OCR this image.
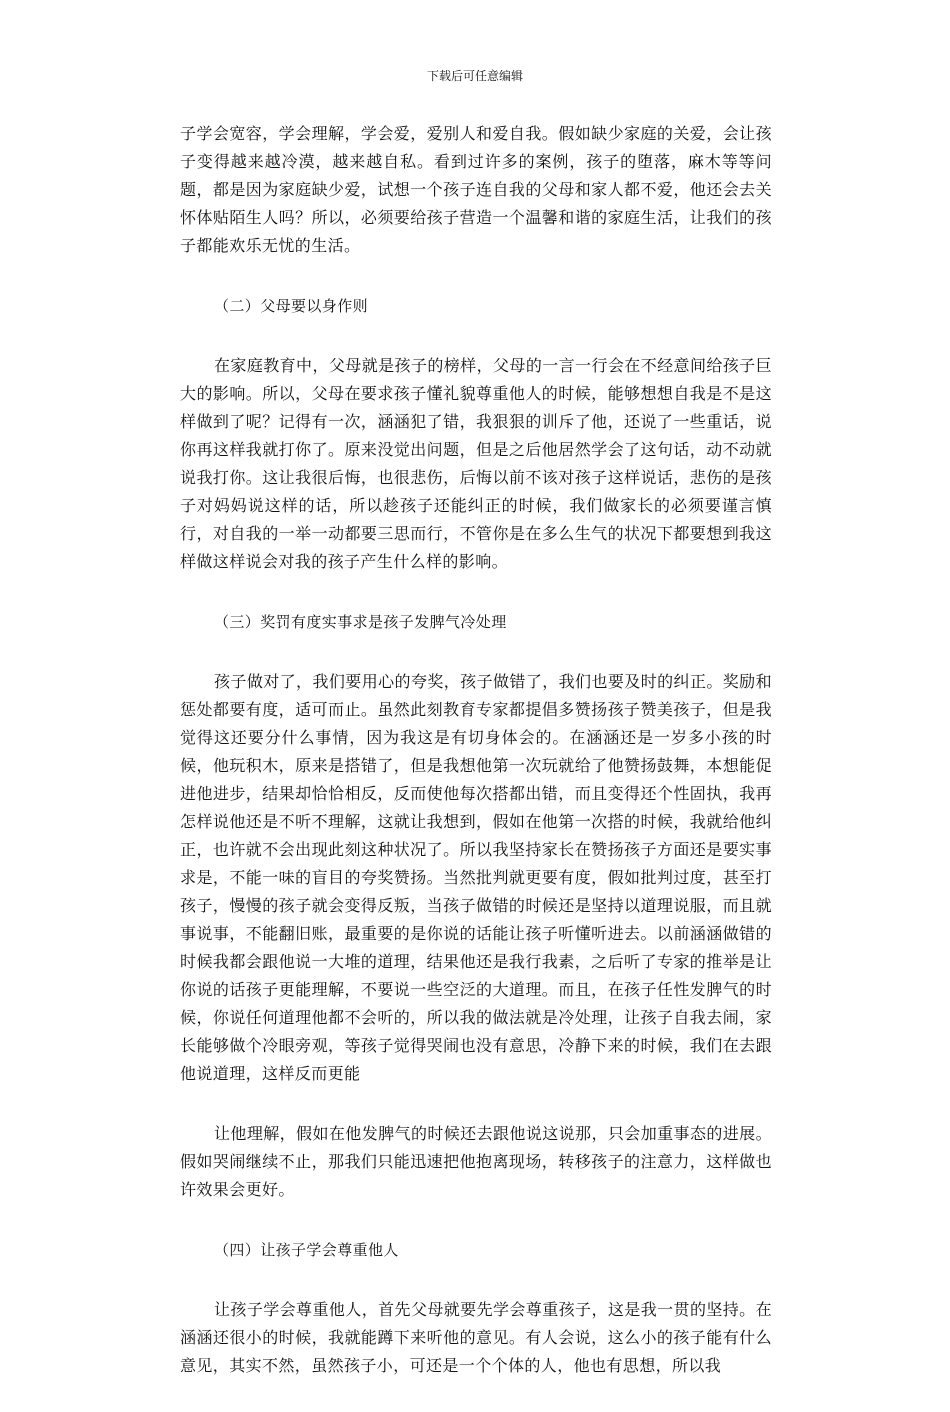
下载后可任意编辑

子学会宽容，学会理解，学会爱，爱别人和爱自我。假如缺少家庭的关爱，会让孩子变得越来越冷漠，越来越自私。看到过许多的案例，孩子的堕落，麻木等等问题，都是因为家庭缺少爱，试想一个孩子连自我的父母和家人都不爱，他还会去关怀体贴陌生人吗？所以，必须要给孩子营造一个温馨和谐的家庭生活，让我们的孩子都能欢乐无忧的生活。

（二）父母要以身作则

在家庭教育中，父母就是孩子的榜样，父母的一言一行会在不经意间给孩子巨大的影响。所以，父母在要求孩子懂礼貌尊重他人的时候，能够想想自我是不是这样做到了呢？记得有一次，涵涵犯了错，我狠狠的训斥了他，还说了一些重话，说你再这样我就打你了。原来没觉出问题，但是之后他居然学会了这句话，动不动就说我打你。这让我很后悔，也很悲伤，后悔以前不该对孩子这样说话，悲伤的是孩子对妈妈说这样的话，所以趁孩子还能纠正的时候，我们做家长的必须要谨言慎行，对自我的一举一动都要三思而行，不管你是在多么生气的状况下都要想到我这样做这样说会对我的孩子产生什么样的影响。

（三）奖罚有度实事求是孩子发脾气冷处理

孩子做对了，我们要用心的夸奖，孩子做错了，我们也要及时的纠正。奖励和惩处都要有度，适可而止。虽然此刻教育专家都提倡多赞扬孩子赞美孩子，但是我觉得这还要分什么事情，因为我这是有切身体会的。在涵涵还是一岁多小孩的时候，他玩积木，原来是搭错了，但是我想他第一次玩就给了他赞扬鼓舞，本想能促进他进步，结果却恰恰相反，反而使他每次搭都出错，而且变得还个性固执，我再怎样说他还是不听不理解，这就让我想到，假如在他第一次搭的时候，我就给他纠正，也许就不会出现此刻这种状况了。所以我坚持家长在赞扬孩子方面还是要实事求是，不能一味的盲目的夸奖赞扬。当然批判就更要有度，假如批判过度，甚至打孩子，慢慢的孩子就会变得反叛，当孩子做错的时候还是坚持以道理说服，而且就事说事，不能翻旧账，最重要的是你说的话能让孩子听懂听进去。以前涵涵做错的时候我都会跟他说一大堆的道理，结果他还是我行我素，之后听了专家的推举是让你说的话孩子更能理解，不要说一些空泛的大道理。而且，在孩子任性发脾气的时候，你说任何道理他都不会听的，所以我的做法就是冷处理，让孩子自我去闹，家长能够做个冷眼旁观，等孩子觉得哭闹也没有意思，冷静下来的时候，我们在去跟他说道理，这样反而更能

让他理解，假如在他发脾气的时候还去跟他说这说那，只会加重事态的进展。假如哭闹继续不止，那我们只能迅速把他抱离现场，转移孩子的注意力，这样做也许效果会更好。

（四）让孩子学会尊重他人

让孩子学会尊重他人，首先父母就要先学会尊重孩子，这是我一贯的坚持。在涵涵还很小的时候，我就能蹲下来听他的意见。有人会说，这么小的孩子能有什么意见，其实不然，虽然孩子小，可还是一个个体的人，他也有思想，所以我
